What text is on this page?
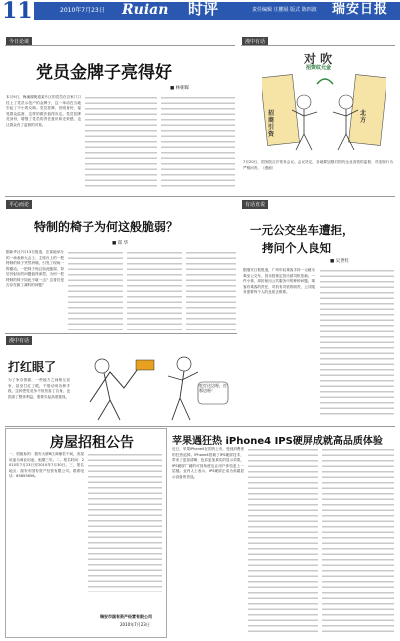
11	2010年7月23日 Ruian 时评	责任编辑 庄鹏展 版式 陈四波 瑞安日报
今日论谈
党员金牌子亮得好
■ 林朝晖
本月9日，梅溪湖街道某片区的党员在自家门口挂上了党员示范户的金牌子，这一举动在当地引起了不小的反响。党员挂牌，亮明身份，接受群众监督，这样的做法值得肯定。党员挂牌亮身份，增强了党员的责任意识和光荣感，也让群众有了监督的对象。
漫中有话
对 吹
招资纹元金
招商引资
北方
7月20日，国务院召开常务会议。会议决定，各地要加强对国有企业高管的监督，对违规行为严格问责。（漫画）
平心而论
特制的椅子为何这般脆弱？
■ 郑 华
据新华社7月13日报道，在某地举办的一场表彰大会上，主席台上的一把特制的椅子突然坍塌，引发了现场一阵骚动。一把椅子尚且如此脆弱，背后折射出的问题值得深思。为何一把特制的椅子如此不堪一击？这背后是否存在偷工减料的问题？
漫中有话
打红眼了
为了争夺资源，一些地方之间相互竞争，甚至打红了眼，不惜动用各种手段，这种恶性竞争不但伤害了自身，也损害了整体利益，需要引起高度重视。
吃打这边呀，打那边呀！
有话直说
一元公交坐车遭拒，
拷问个人良知
■ 吴世红
据瑞安日报报道，广州年轻乘客手持一元硬币乘坐公交车，因未按规定投币被司机拒载。一件小事，却折射出公共服务中的种种问题。乘客有乘客的责任，司机有司机的职责，公共服务需要每个人的良知去维系。
房屋招租公告
一、招租标的：瑞安大厦B区商铺若干间，房屋用途为商业用途，租期三年。二、报名时间：2010年7月23日至2010年7月30日。三、报名地点：瑞安市国有资产经营有限公司。联系电话：65855656。
瑞安市国有资产经营有限公司
2010年7月23日
苹果遇狂热 iPhone4 IPS硬屏成就高品质体验
近日，苹果iPhone4在国内上市，受到消费者的狂热追捧。iPhone4搭载了IPS硬屏技术，带来了更加清晰、色彩更加真实的显示效果，IPS硬屏广阔的可视角度也让用户体验更上一层楼。业内人士表示，IPS硬屏正成为高端显示设备的首选。
